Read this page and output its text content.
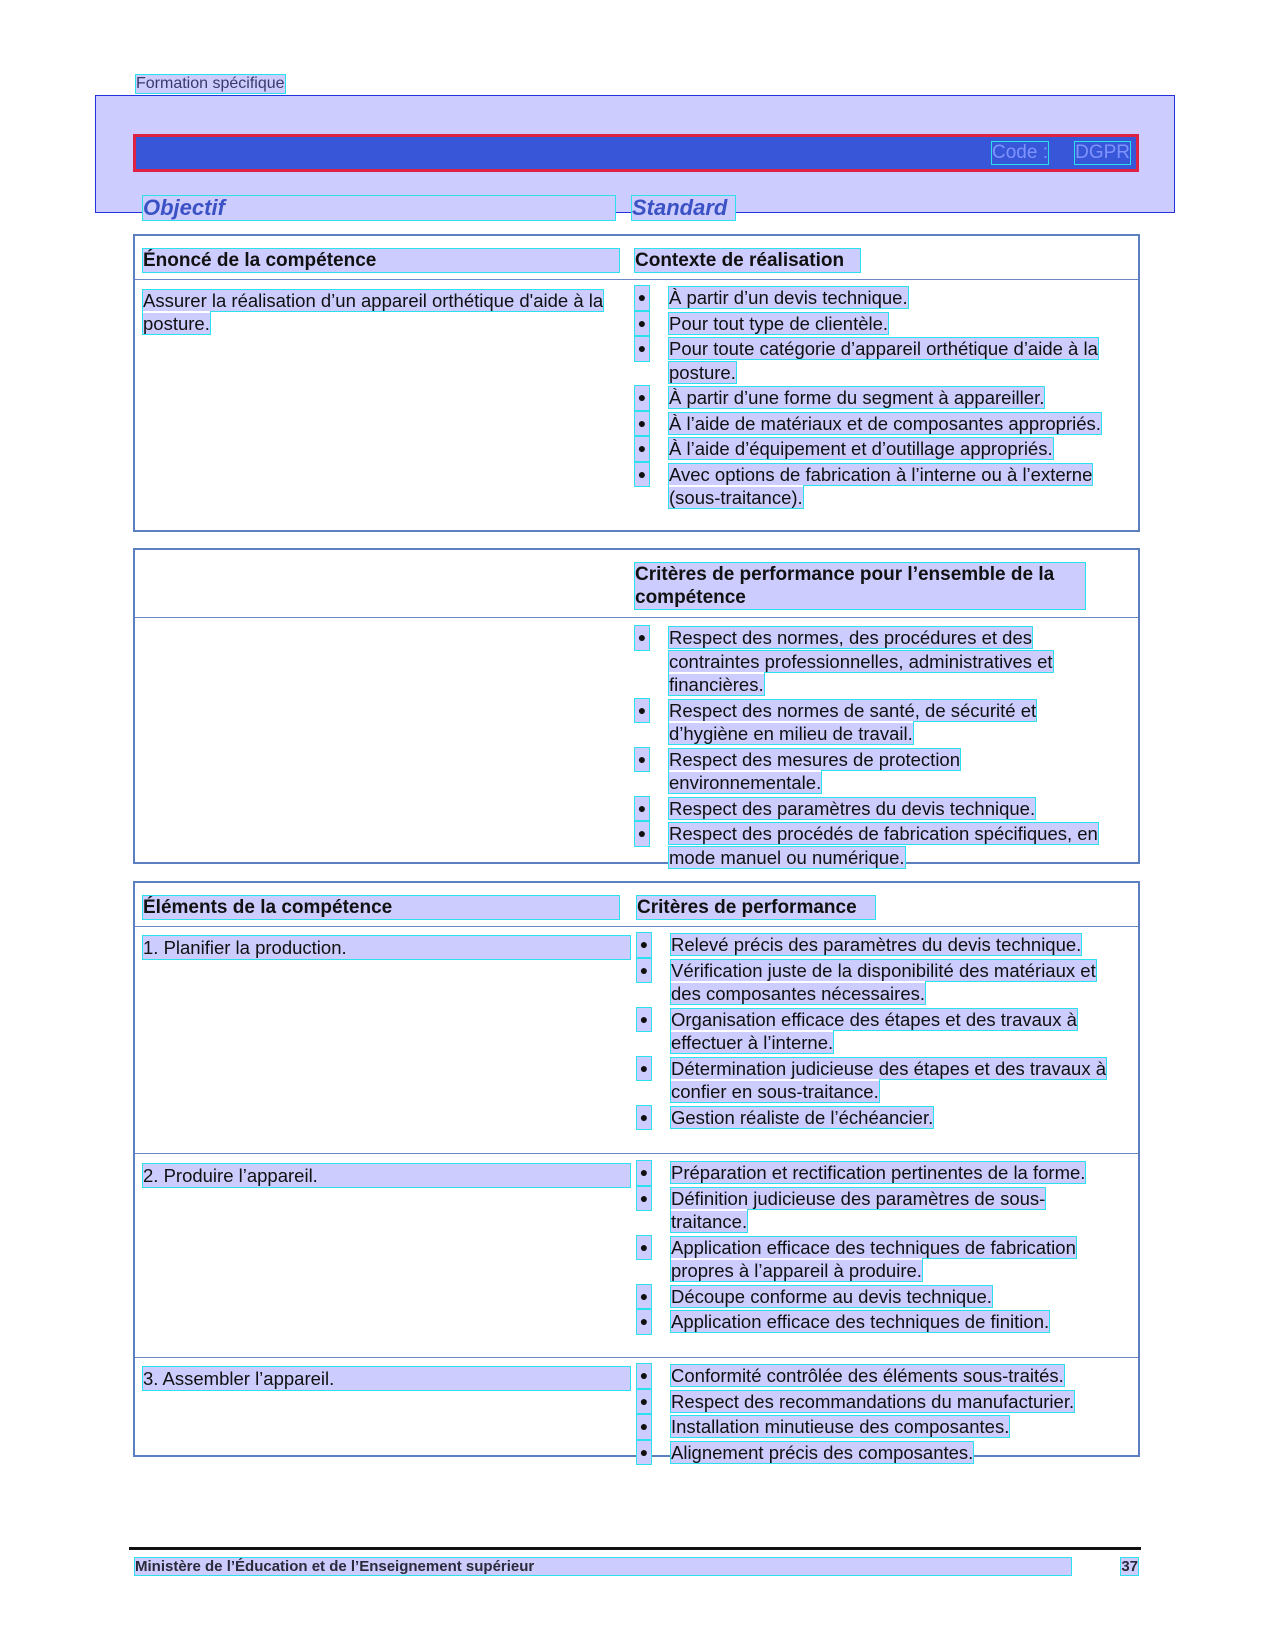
Formation spécifique
Code : DGPR
Objectif	Standard
Énoncé de la compétence	Contexte de réalisation
Assurer la réalisation d’un appareil orthétique d'aide à la posture.
● À partir d’un devis technique.
● Pour tout type de clientèle.
● Pour toute catégorie d’appareil orthétique d’aide à la posture.
● À partir d’une forme du segment à appareiller.
● À l’aide de matériaux et de composantes appropriés.
● À l’aide d’équipement et d’outillage appropriés.
● Avec options de fabrication à l’interne ou à l’externe (sous-traitance).
Critères de performance pour l’ensemble de la compétence
● Respect des normes, des procédures et des contraintes professionnelles, administratives et financières.
● Respect des normes de santé, de sécurité et d’hygiène en milieu de travail.
● Respect des mesures de protection environnementale.
● Respect des paramètres du devis technique.
● Respect des procédés de fabrication spécifiques, en mode manuel ou numérique.
Éléments de la compétence	Critères de performance
1. Planifier la production.	● Relevé précis des paramètres du devis technique.
● Vérification juste de la disponibilité des matériaux et des composantes nécessaires.
● Organisation efficace des étapes et des travaux à effectuer à l’interne.
● Détermination judicieuse des étapes et des travaux à confier en sous-traitance.
● Gestion réaliste de l’échéancier.
2. Produire l’appareil.	● Préparation et rectification pertinentes de la forme.
● Définition judicieuse des paramètres de sous-traitance.
● Application efficace des techniques de fabrication propres à l’appareil à produire.
● Découpe conforme au devis technique.
● Application efficace des techniques de finition.
3. Assembler l’appareil.	● Conformité contrôlée des éléments sous-traités.
● Respect des recommandations du manufacturier.
● Installation minutieuse des composantes.
● Alignement précis des composantes.
Ministère de l’Éducation et de l’Enseignement supérieur	37
